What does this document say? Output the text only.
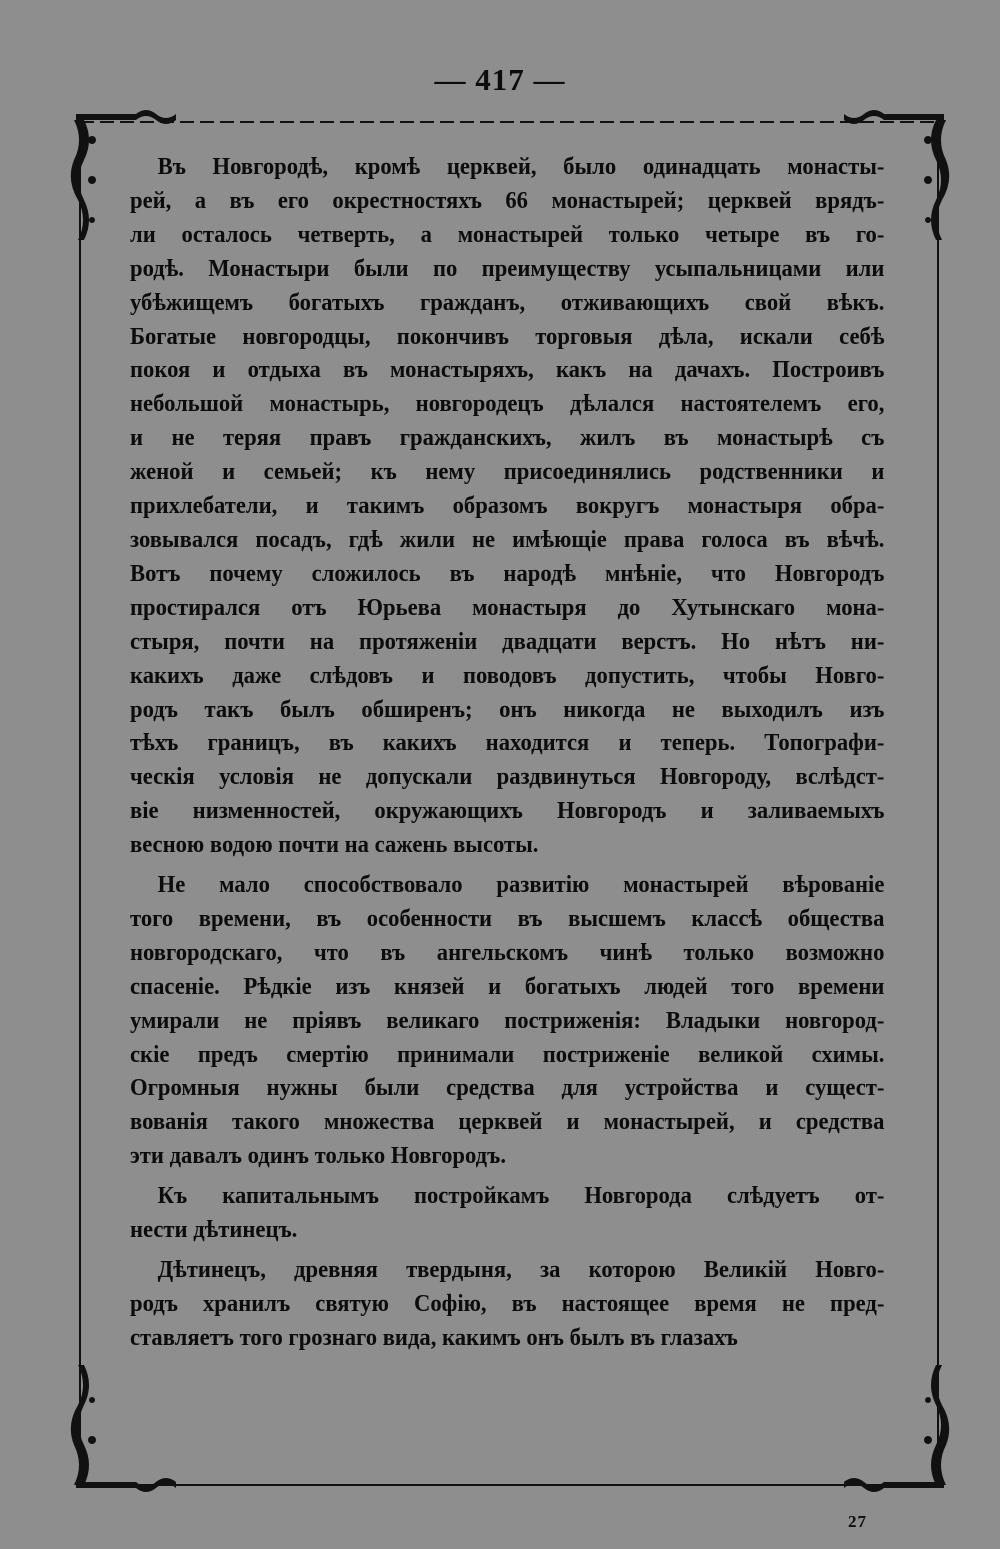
— 417 —
Въ Новгородѣ, кромѣ церквей, было одинадцать монасты-
рей, а въ его окрестностяхъ 66 монастырей; церквей врядъ-
ли осталось четверть, а монастырей только четыре въ го-
родѣ. Монастыри были по преимуществу усыпальницами или
убѣжищемъ богатыхъ гражданъ, отживающихъ свой вѣкъ.
Богатые новгородцы, покончивъ торговыя дѣла, искали себѣ
покоя и отдыха въ монастыряхъ, какъ на дачахъ. Построивъ
небольшой монастырь, новгородецъ дѣлался настоятелемъ его,
и не теряя правъ гражданскихъ, жилъ въ монастырѣ съ
женой и семьей; къ нему присоединялись родственники и
прихлебатели, и такимъ образомъ вокругъ монастыря обра-
зовывался посадъ, гдѣ жили не имѣющіе права голоса въ вѣчѣ.
Вотъ почему сложилось въ народѣ мнѣніе, что Новгородъ
простирался отъ Юрьева монастыря до Хутынскаго мона-
стыря, почти на протяженіи двадцати верстъ. Но нѣтъ ни-
какихъ даже слѣдовъ и поводовъ допустить, чтобы Новго-
родъ такъ былъ обширенъ; онъ никогда не выходилъ изъ
тѣхъ границъ, въ какихъ находится и теперь. Топографи-
ческія условія не допускали раздвинуться Новгороду, вслѣдст-
віе низменностей, окружающихъ Новгородъ и заливаемыхъ
весною водою почти на сажень высоты.
Не мало способствовало развитію монастырей вѣрованіе
того времени, въ особенности въ высшемъ классѣ общества
новгородскаго, что въ ангельскомъ чинѣ только возможно
спасеніе. Рѣдкіе изъ князей и богатыхъ людей того времени
умирали не пріявъ великаго постриженія: Владыки новгород-
скіе предъ смертію принимали постриженіе великой схимы.
Огромныя нужны были средства для устройства и сущест-
вованія такого множества церквей и монастырей, и средства
эти давалъ одинъ только Новгородъ.
Къ капитальнымъ постройкамъ Новгорода слѣдуетъ от-
нести дѣтинецъ.
Дѣтинецъ, древняя твердыня, за которою Великій Новго-
родъ хранилъ святую Софію, въ настоящее время не пред-
ставляетъ того грознаго вида, какимъ онъ былъ въ глазахъ
27
